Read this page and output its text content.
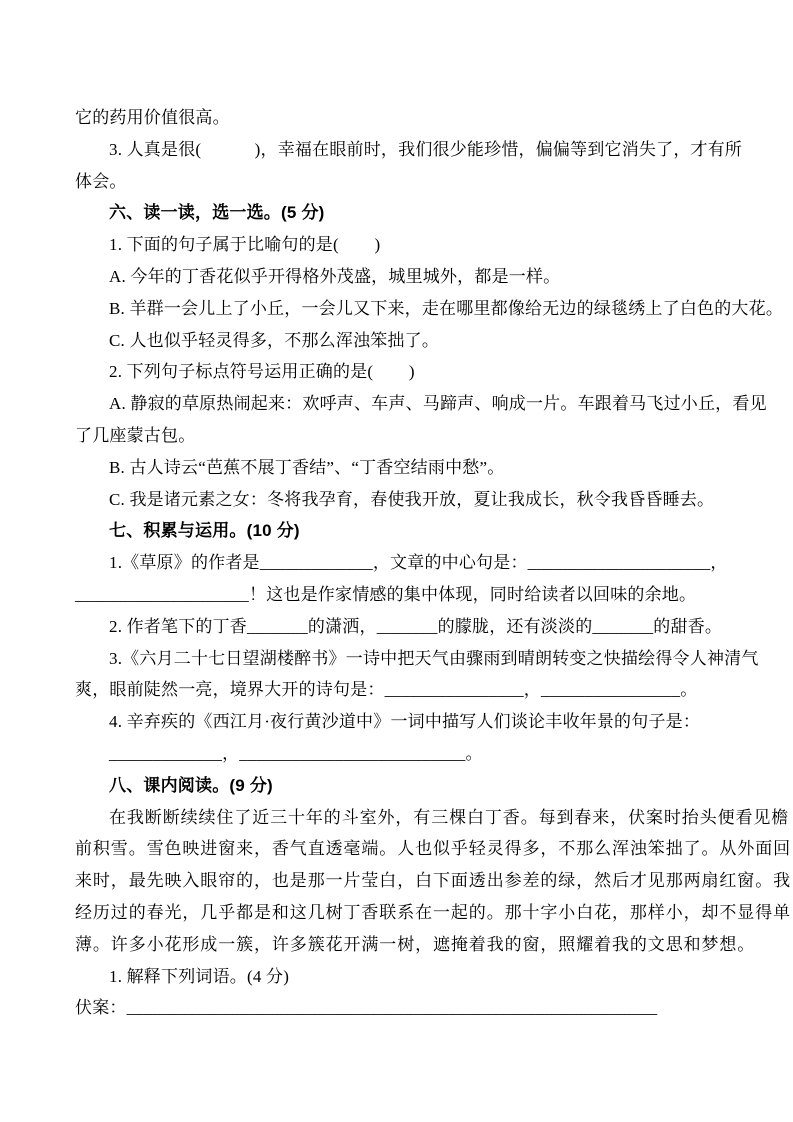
它的药用价值很高。
3. 人真是很(            )，幸福在眼前时，我们很少能珍惜，偏偏等到它消失了，才有所
体会。
六、读一读，选一选。(5 分)
1. 下面的句子属于比喻句的是(        )
A. 今年的丁香花似乎开得格外茂盛，城里城外，都是一样。
B. 羊群一会儿上了小丘，一会儿又下来，走在哪里都像给无边的绿毯绣上了白色的大花。
C. 人也似乎轻灵得多，不那么浑浊笨拙了。
2. 下列句子标点符号运用正确的是(        )
A. 静寂的草原热闹起来：欢呼声、车声、马蹄声、响成一片。车跟着马飞过小丘，看见
了几座蒙古包。
B. 古人诗云“芭蕉不展丁香结”、“丁香空结雨中愁”。
C. 我是诸元素之女：冬将我孕育，春使我开放，夏让我成长，秋令我昏昏睡去。
七、积累与运用。(10 分)
1.《草原》的作者是_____________，文章的中心句是：_____________________，
____________________！这也是作家情感的集中体现，同时给读者以回味的余地。
2. 作者笔下的丁香_______的潇洒，_______的朦胧，还有淡淡的_______的甜香。
3.《六月二十七日望湖楼醉书》一诗中把天气由骤雨到晴朗转变之快描绘得令人神清气
爽，眼前陡然一亮，境界大开的诗句是：________________，________________。
4. 辛弃疾的《西江月·夜行黄沙道中》一词中描写人们谈论丰收年景的句子是：
_____________，__________________________。
八、课内阅读。(9 分)
在我断断续续住了近三十年的斗室外，有三棵白丁香。每到春来，伏案时抬头便看见檐
前积雪。雪色映进窗来，香气直透毫端。人也似乎轻灵得多，不那么浑浊笨拙了。从外面回
来时，最先映入眼帘的，也是那一片莹白，白下面透出参差的绿，然后才见那两扇红窗。我
经历过的春光，几乎都是和这几树丁香联系在一起的。那十字小白花，那样小，却不显得单
薄。许多小花形成一簇，许多簇花开满一树，遮掩着我的窗，照耀着我的文思和梦想。
1. 解释下列词语。(4 分)
伏案：_____________________________________________________________
